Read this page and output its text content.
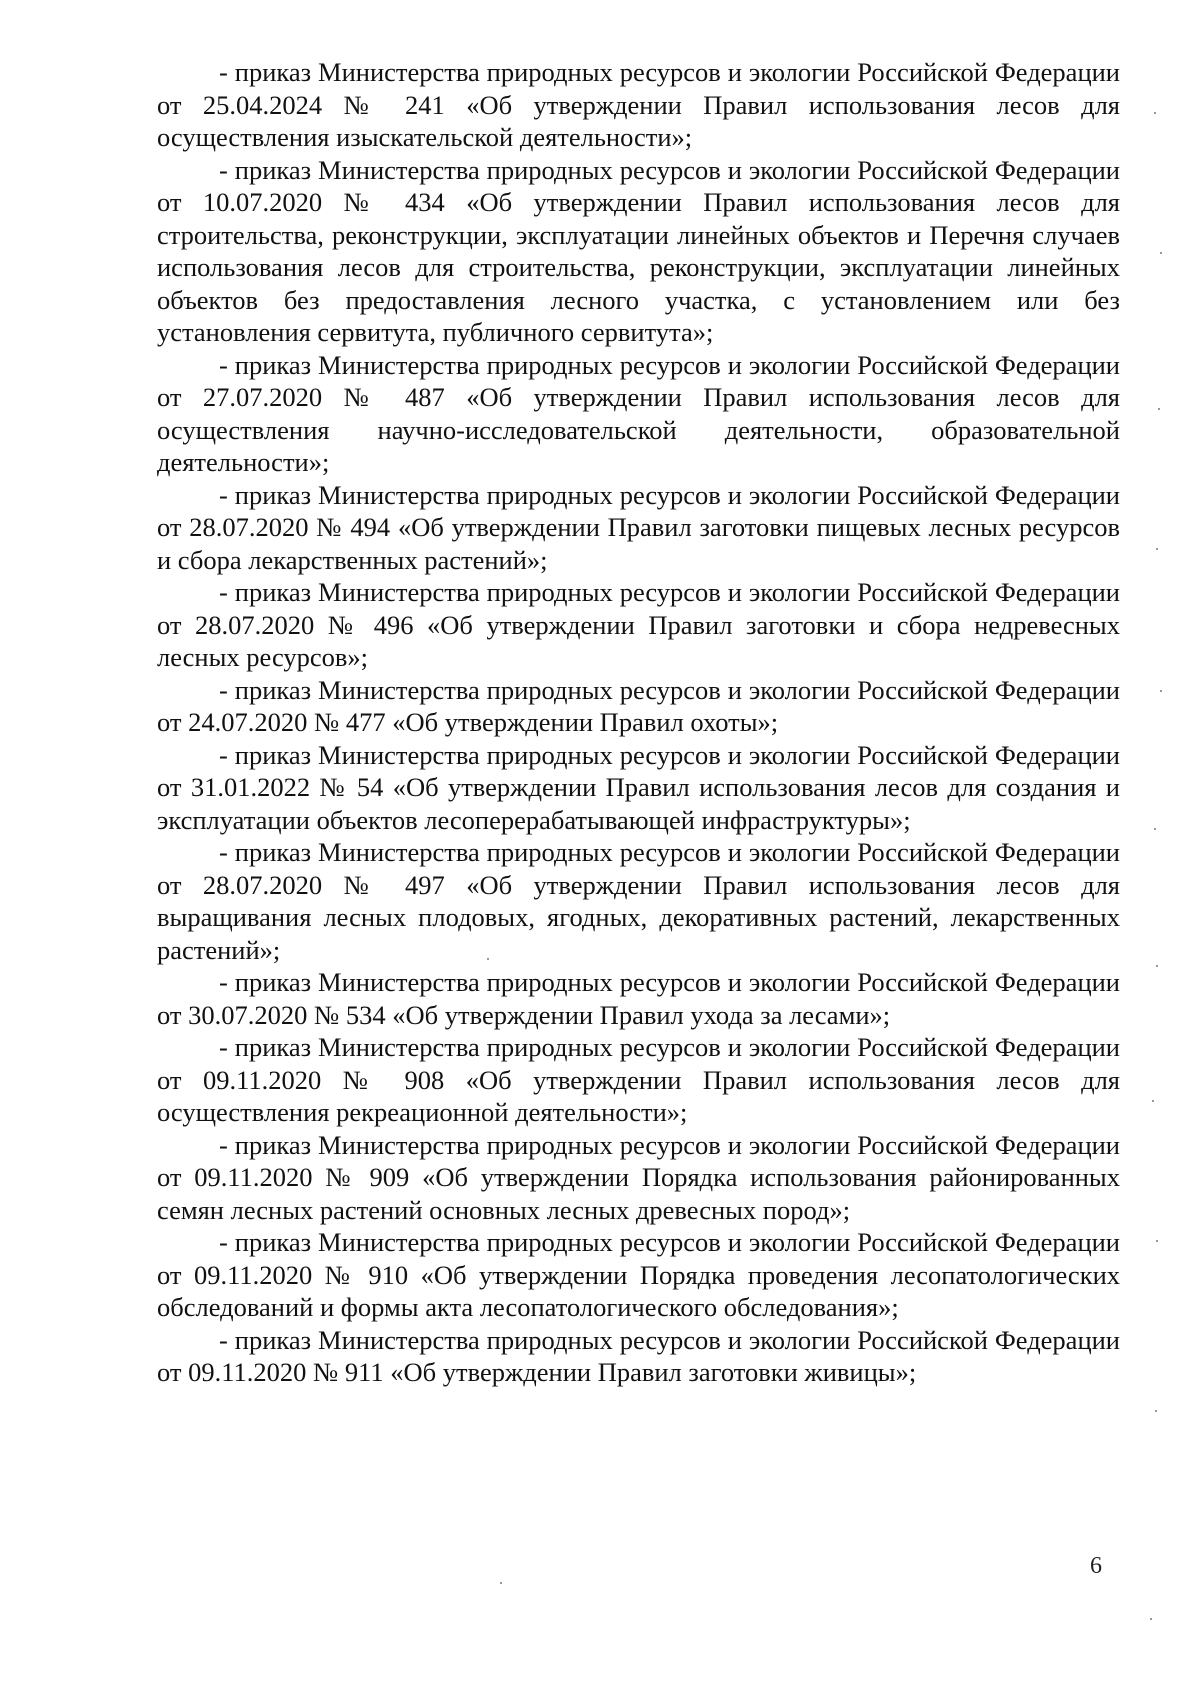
- приказ Министерства природных ресурсов и экологии Российской Федерации от 25.04.2024 № 241 «Об утверждении Правил использования лесов для осуществления изыскательской деятельности»;

- приказ Министерства природных ресурсов и экологии Российской Федерации от 10.07.2020 № 434 «Об утверждении Правил использования лесов для строительства, реконструкции, эксплуатации линейных объектов и Перечня случаев использования лесов для строительства, реконструкции, эксплуатации линейных объектов без предоставления лесного участка, с установлением или без установления сервитута, публичного сервитута»;

- приказ Министерства природных ресурсов и экологии Российской Федерации от 27.07.2020 № 487 «Об утверждении Правил использования лесов для осуществления научно-исследовательской деятельности, образовательной деятельности»;

- приказ Министерства природных ресурсов и экологии Российской Федерации от 28.07.2020 № 494 «Об утверждении Правил заготовки пищевых лесных ресурсов и сбора лекарственных растений»;

- приказ Министерства природных ресурсов и экологии Российской Федерации от 28.07.2020 № 496 «Об утверждении Правил заготовки и сбора недревесных лесных ресурсов»;

- приказ Министерства природных ресурсов и экологии Российской Федерации от 24.07.2020 № 477 «Об утверждении Правил охоты»;

- приказ Министерства природных ресурсов и экологии Российской Федерации от 31.01.2022 № 54 «Об утверждении Правил использования лесов для создания и эксплуатации объектов лесоперерабатывающей инфраструктуры»;

- приказ Министерства природных ресурсов и экологии Российской Федерации от 28.07.2020 № 497 «Об утверждении Правил использования лесов для выращивания лесных плодовых, ягодных, декоративных растений, лекарственных растений»;

- приказ Министерства природных ресурсов и экологии Российской Федерации от 30.07.2020 № 534 «Об утверждении Правил ухода за лесами»;

- приказ Министерства природных ресурсов и экологии Российской Федерации от 09.11.2020 № 908 «Об утверждении Правил использования лесов для осуществления рекреационной деятельности»;

- приказ Министерства природных ресурсов и экологии Российской Федерации от 09.11.2020 № 909 «Об утверждении Порядка использования районированных семян лесных растений основных лесных древесных пород»;

- приказ Министерства природных ресурсов и экологии Российской Федерации от 09.11.2020 № 910 «Об утверждении Порядка проведения лесопатологических обследований и формы акта лесопатологического обследования»;

- приказ Министерства природных ресурсов и экологии Российской Федерации от 09.11.2020 № 911 «Об утверждении Правил заготовки живицы»;

6
